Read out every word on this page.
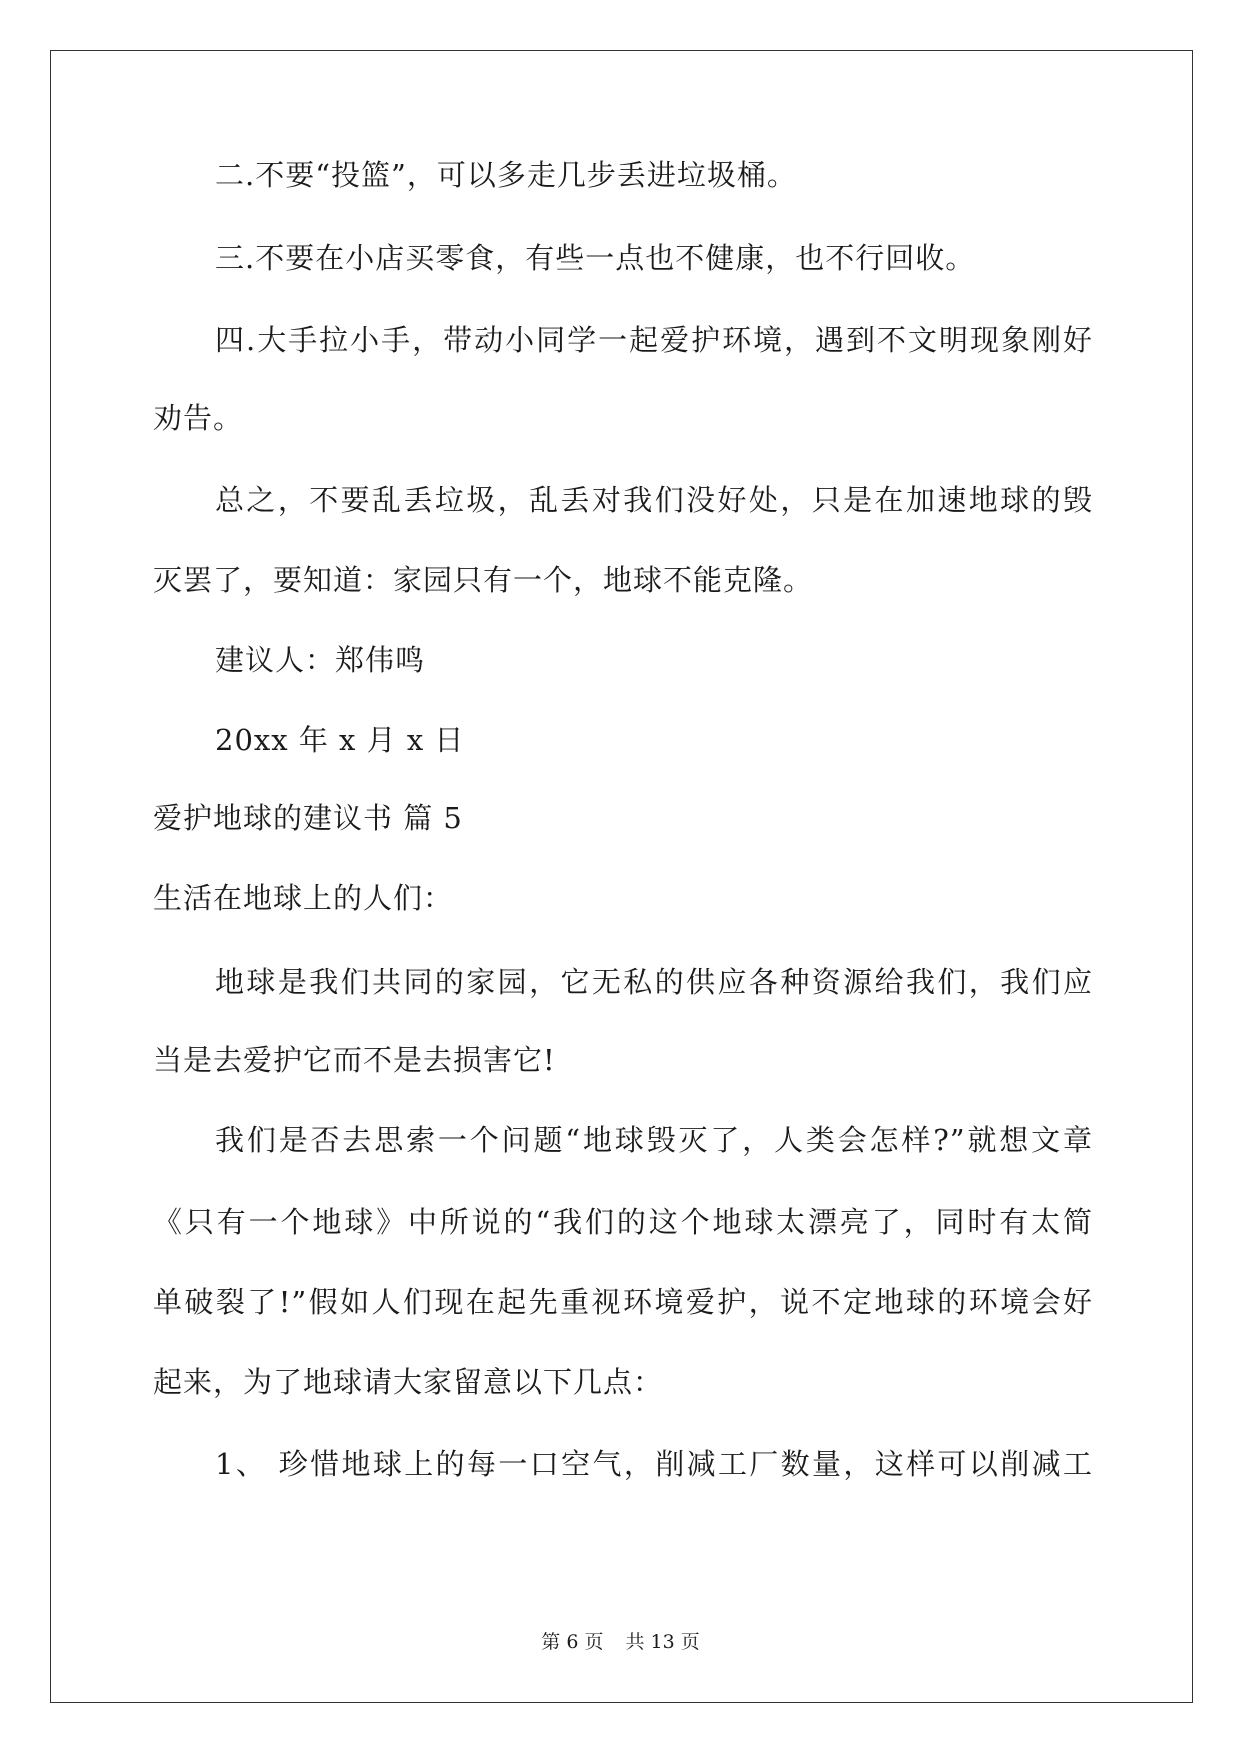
二.不要“投篮”，可以多走几步丢进垃圾桶。
三.不要在小店买零食，有些一点也不健康，也不行回收。
四.大手拉小手，带动小同学一起爱护环境，遇到不文明现象刚好
劝告。
总之，不要乱丢垃圾，乱丢对我们没好处，只是在加速地球的毁
灭罢了，要知道：家园只有一个，地球不能克隆。
建议人：郑伟鸣
20xx 年 x 月 x 日
爱护地球的建议书 篇 5
生活在地球上的人们：
地球是我们共同的家园，它无私的供应各种资源给我们，我们应
当是去爱护它而不是去损害它!
我们是否去思索一个问题“地球毁灭了，人类会怎样?”就想文章
《只有一个地球》中所说的“我们的这个地球太漂亮了，同时有太简
单破裂了!”假如人们现在起先重视环境爱护，说不定地球的环境会好
起来，为了地球请大家留意以下几点：
1、 珍惜地球上的每一口空气，削减工厂数量，这样可以削减工
第 6 页 共 13 页
